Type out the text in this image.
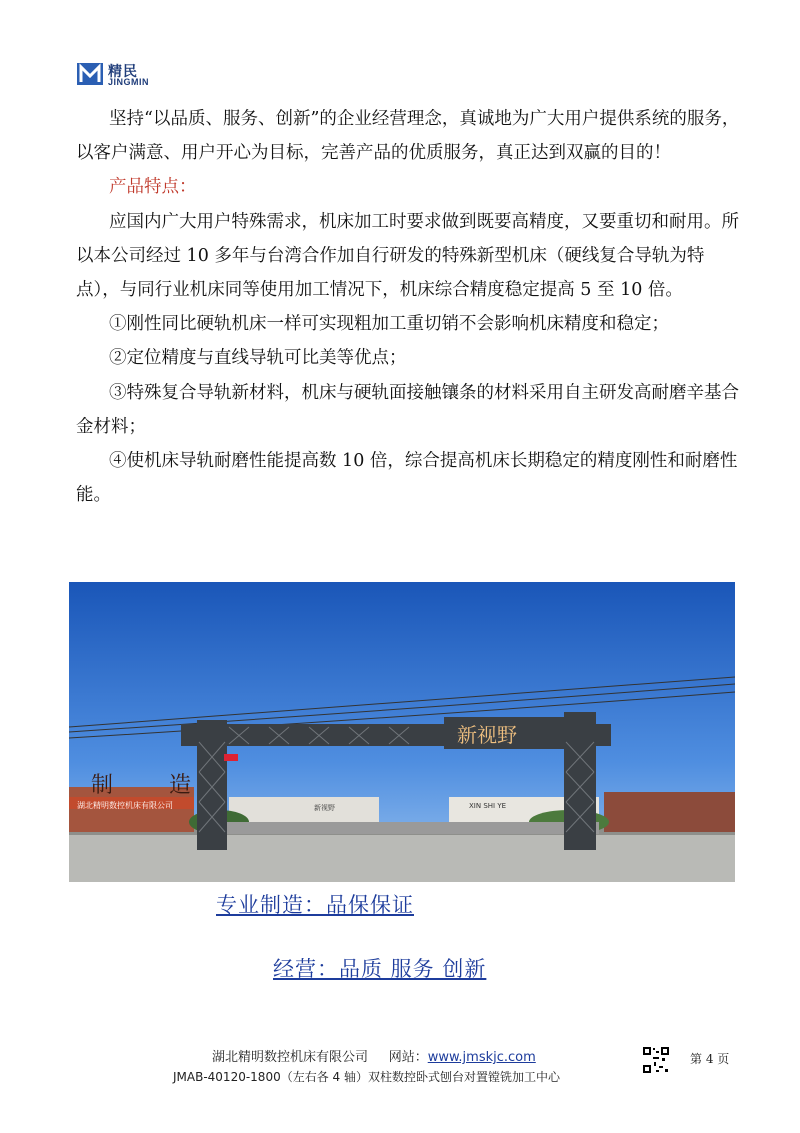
精民
JINGMIN

坚持“以品质、服务、创新”的企业经营理念，真诚地为广大用户提供系统的服务，以客户满意、用户开心为目标，完善产品的优质服务，真正达到双赢的目的！

产品特点：

应国内广大用户特殊需求，机床加工时要求做到既要高精度，又要重切和耐用。所以本公司经过 10 多年与台湾合作加自行研发的特殊新型机床（硬线复合导轨为特点），与同行业机床同等使用加工情况下，机床综合精度稳定提高 5 至 10 倍。

①刚性同比硬轨机床一样可实现粗加工重切销不会影响机床精度和稳定；

②定位精度与直线导轨可比美等优点；

③特殊复合导轨新材料，机床与硬轨面接触镶条的材料采用自主研发高耐磨辛基合金材料；

④使机床导轨耐磨性能提高数 10 倍，综合提高机床长期稳定的精度刚性和耐磨性能。

制	造
湖北精明数控机床有限公司
新视野
新视野	XIN SHI YE
专业制造：品保保证
经营：品质 服务 创新
湖北精明数控机床有限公司 网站：www.jmskjc.com
JMAB-40120-1800（左右各 4 轴）双柱数控卧式刨台对置镗铣加工中心
第 4 页
